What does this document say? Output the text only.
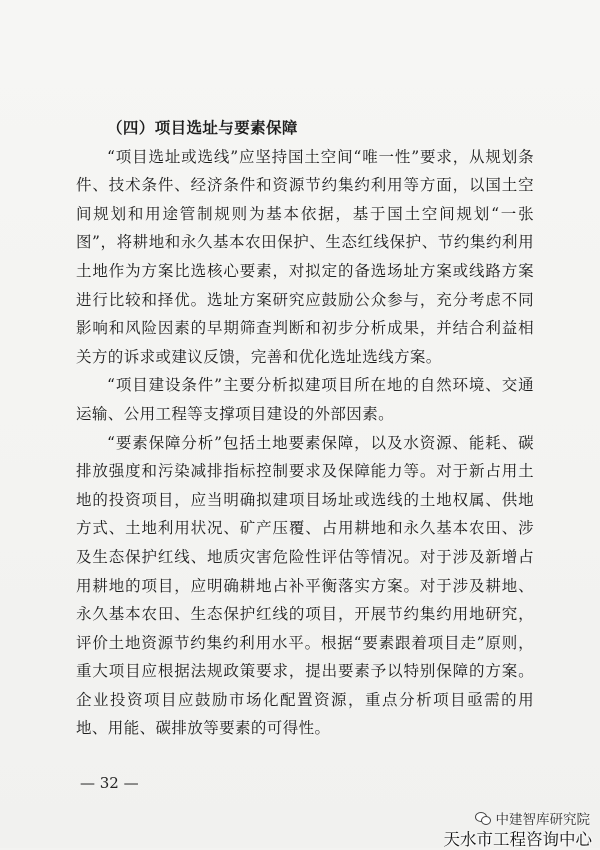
（四）项目选址与要素保障

“项目选址或选线”应坚持国土空间“唯一性”要求，从规划条件、技术条件、经济条件和资源节约集约利用等方面，以国土空间规划和用途管制规则为基本依据，基于国土空间规划“一张图”，将耕地和永久基本农田保护、生态红线保护、节约集约利用土地作为方案比选核心要素，对拟定的备选场址方案或线路方案进行比较和择优。选址方案研究应鼓励公众参与，充分考虑不同影响和风险因素的早期筛查判断和初步分析成果，并结合利益相关方的诉求或建议反馈，完善和优化选址选线方案。

“项目建设条件”主要分析拟建项目所在地的自然环境、交通运输、公用工程等支撑项目建设的外部因素。

“要素保障分析”包括土地要素保障，以及水资源、能耗、碳排放强度和污染减排指标控制要求及保障能力等。对于新占用土地的投资项目，应当明确拟建项目场址或选线的土地权属、供地方式、土地利用状况、矿产压覆、占用耕地和永久基本农田、涉及生态保护红线、地质灾害危险性评估等情况。对于涉及新增占用耕地的项目，应明确耕地占补平衡落实方案。对于涉及耕地、永久基本农田、生态保护红线的项目，开展节约集约用地研究，评价土地资源节约集约利用水平。根据“要素跟着项目走”原则，重大项目应根据法规政策要求，提出要素予以特别保障的方案。企业投资项目应鼓励市场化配置资源，重点分析项目亟需的用地、用能、碳排放等要素的可得性。

— 32 —
中建智库研究院
天水市工程咨询中心
